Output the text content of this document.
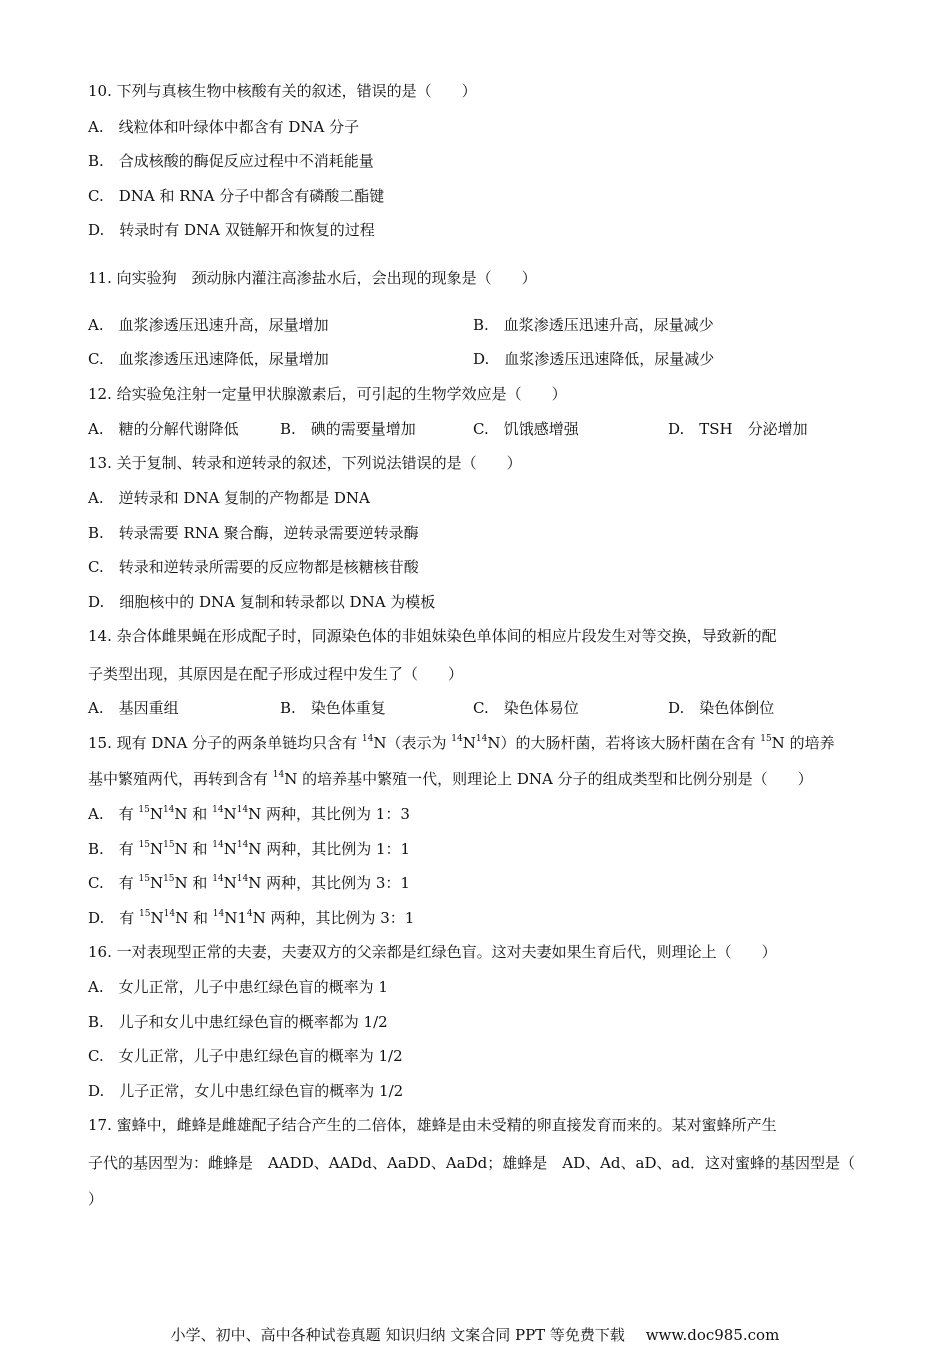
10. 下列与真核生物中核酸有关的叙述，错误的是（　　）
A.　线粒体和叶绿体中都含有 DNA 分子
B.　合成核酸的酶促反应过程中不消耗能量
C.　DNA 和 RNA 分子中都含有磷酸二酯键
D.　转录时有 DNA 双链解开和恢复的过程
11. 向实验狗　颈动脉内灌注高渗盐水后，会出现的现象是（　　）
A.　血浆渗透压迅速升高，尿量增加	B.　血浆渗透压迅速升高，尿量减少
C.　血浆渗透压迅速降低，尿量增加	D.　血浆渗透压迅速降低，尿量减少
12. 给实验兔注射一定量甲状腺激素后，可引起的生物学效应是（　　）
A.　糖的分解代谢降低	B.　碘的需要量增加	C.　饥饿感增强	D.　TSH　分泌增加
13. 关于复制、转录和逆转录的叙述，下列说法错误的是（　　）
A.　逆转录和 DNA 复制的产物都是 DNA
B.　转录需要 RNA 聚合酶，逆转录需要逆转录酶
C.　转录和逆转录所需要的反应物都是核糖核苷酸
D.　细胞核中的 DNA 复制和转录都以 DNA 为模板
14. 杂合体雌果蝇在形成配子时，同源染色体的非姐妹染色单体间的相应片段发生对等交换，导致新的配
子类型出现，其原因是在配子形成过程中发生了（　　）
A.　基因重组	B.　染色体重复	C.　染色体易位	D.　染色体倒位
15. 现有 DNA 分子的两条单链均只含有 $^{14}$N（表示为 $^{14}N^{14}N$）的大肠杆菌，若将该大肠杆菌在含有 $^{15}$N 的培养
基中繁殖两代，再转到含有 $^{14}$N 的培养基中繁殖一代，则理论上 DNA 分子的组成类型和比例分别是（　　）
A.　有 $^{15}N^{14}N$ 和 $^{14}N^{14}N$ 两种，其比例为 1：3
B.　有 $^{15}N^{15}N$ 和 $^{14}N^{14}N$ 两种，其比例为 1：1
C.　有 $^{15}N^{15}N$ 和 $^{14}N^{14}N$ 两种，其比例为 3：1
D.　有 $^{15}N^{14}N$ 和 $^{14}N1^4N$ 两种，其比例为 3：1
16. 一对表现型正常的夫妻，夫妻双方的父亲都是红绿色盲。这对夫妻如果生育后代，则理论上（　　）
A.　女儿正常，儿子中患红绿色盲的概率为 1
B.　儿子和女儿中患红绿色盲的概率都为 1/2
C.　女儿正常，儿子中患红绿色盲的概率为 1/2
D.　儿子正常，女儿中患红绿色盲的概率为 1/2
17. 蜜蜂中，雌蜂是雌雄配子结合产生的二倍体，雄蜂是由未受精的卵直接发育而来的。某对蜜蜂所产生
子代的基因型为：雌蜂是　AADD、AADd、AaDD、AaDd；雄蜂是　AD、Ad、aD、ad．这对蜜蜂的基因型是（
）
小学、初中、高中各种试卷真题 知识归纳 文案合同 PPT 等免费下载 www.doc985.com
